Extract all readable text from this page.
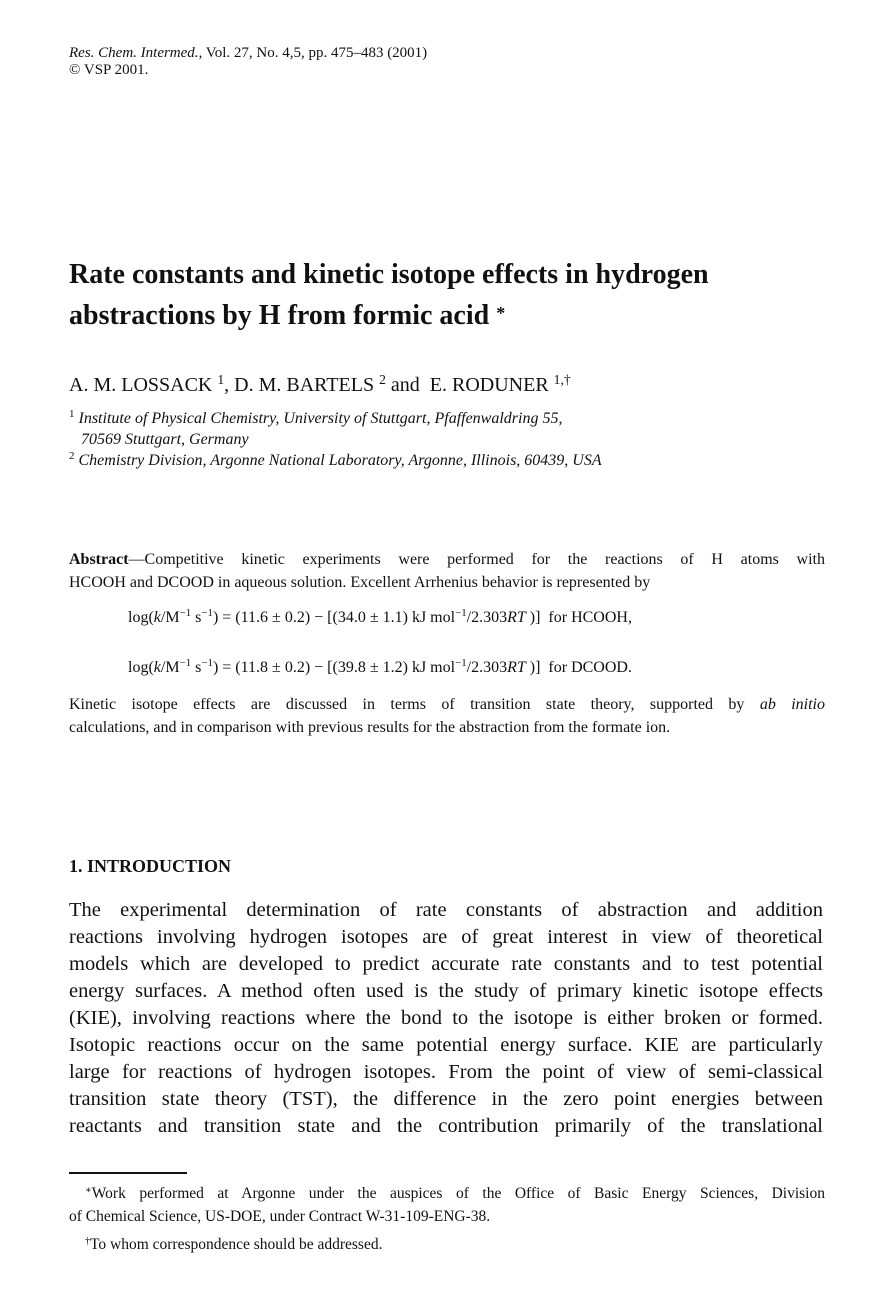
Res. Chem. Intermed., Vol. 27, No. 4,5, pp. 475–483 (2001)
© VSP 2001.
Rate constants and kinetic isotope effects in hydrogen
abstractions by H from formic acid *
A. M. LOSSACK $^1$, D. M. BARTELS $^2$ and  E. RODUNER $^{1,\dagger}$
$^1$ Institute of Physical Chemistry, University of Stuttgart, Pfaffenwaldring 55,
70569 Stuttgart, Germany
$^2$ Chemistry Division, Argonne National Laboratory, Argonne, Illinois, 60439, USA
Abstract—Competitive kinetic experiments were performed for the reactions of H atoms with
HCOOH and DCOOD in aqueous solution. Excellent Arrhenius behavior is represented by
$\log(k/M^{-1}$ $s^{-1}) = (11.6 \pm 0.2) - [(34.0 \pm 1.1)$ kJ mol$^{-1}$/2.303RT )]  for HCOOH,
$\log(k/M^{-1}$ $s^{-1}) = (11.8 \pm 0.2) - [(39.8 \pm 1.2)$ kJ mol$^{-1}$/2.303RT )]  for DCOOD.
Kinetic isotope effects are discussed in terms of transition state theory, supported by ab initio
calculations, and in comparison with previous results for the abstraction from the formate ion.
1. INTRODUCTION
The experimental determination of rate constants of abstraction and addition
reactions involving hydrogen isotopes are of great interest in view of theoretical
models which are developed to predict accurate rate constants and to test potential
energy surfaces. A method often used is the study of primary kinetic isotope effects
(KIE), involving reactions where the bond to the isotope is either broken or formed.
Isotopic reactions occur on the same potential energy surface. KIE are particularly
large for reactions of hydrogen isotopes. From the point of view of semi-classical
transition state theory (TST), the difference in the zero point energies between
reactants and transition state and the contribution primarily of the translational
∗Work performed at Argonne under the auspices of the Office of Basic Energy Sciences, Division
of Chemical Science, US-DOE, under Contract W-31-109-ENG-38.
†To whom correspondence should be addressed.
